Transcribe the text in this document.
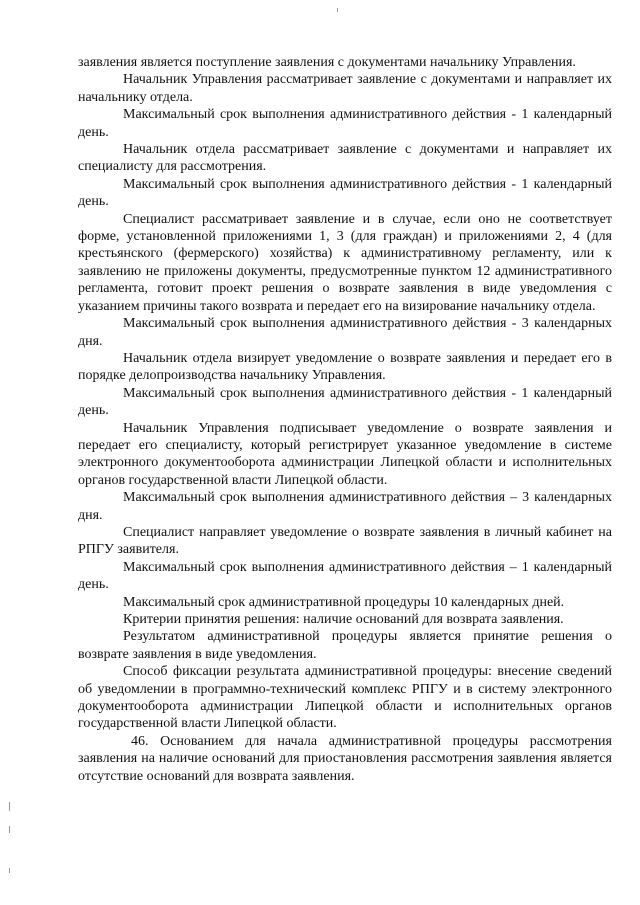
заявления является поступление заявления с документами начальнику Управления.

Начальник Управления рассматривает заявление с документами и направляет их начальнику отдела.

Максимальный срок выполнения административного действия - 1 календарный день.

Начальник отдела рассматривает заявление с документами и направляет их специалисту для рассмотрения.

Максимальный срок выполнения административного действия - 1 календарный день.

Специалист рассматривает заявление и в случае, если оно не соответствует форме, установленной приложениями 1, 3 (для граждан) и приложениями 2, 4 (для крестьянского (фермерского) хозяйства) к административному регламенту, или к заявлению не приложены документы, предусмотренные пунктом 12 административного регламента, готовит проект решения о возврате заявления в виде уведомления с указанием причины такого возврата и передает его на визирование начальнику отдела.

Максимальный срок выполнения административного действия - 3 календарных дня.

Начальник отдела визирует уведомление о возврате заявления и передает его в порядке делопроизводства начальнику Управления.

Максимальный срок выполнения административного действия - 1 календарный день.

Начальник Управления подписывает уведомление о возврате заявления и передает его специалисту, который регистрирует указанное уведомление в системе электронного документооборота администрации Липецкой области и исполнительных органов государственной власти Липецкой области.

Максимальный срок выполнения административного действия – 3 календарных дня.

Специалист направляет уведомление о возврате заявления в личный кабинет на РПГУ заявителя.

Максимальный срок выполнения административного действия – 1 календарный день.

Максимальный срок административной процедуры 10 календарных дней.

Критерии принятия решения: наличие оснований для возврата заявления.

Результатом административной процедуры является принятие решения о возврате заявления в виде уведомления.

Способ фиксации результата административной процедуры: внесение сведений об уведомлении в программно-технический комплекс РПГУ и в систему электронного документооборота администрации Липецкой области и исполнительных органов государственной власти Липецкой области.

46. Основанием для начала административной процедуры рассмотрения заявления на наличие оснований для приостановления рассмотрения заявления является отсутствие оснований для возврата заявления.
